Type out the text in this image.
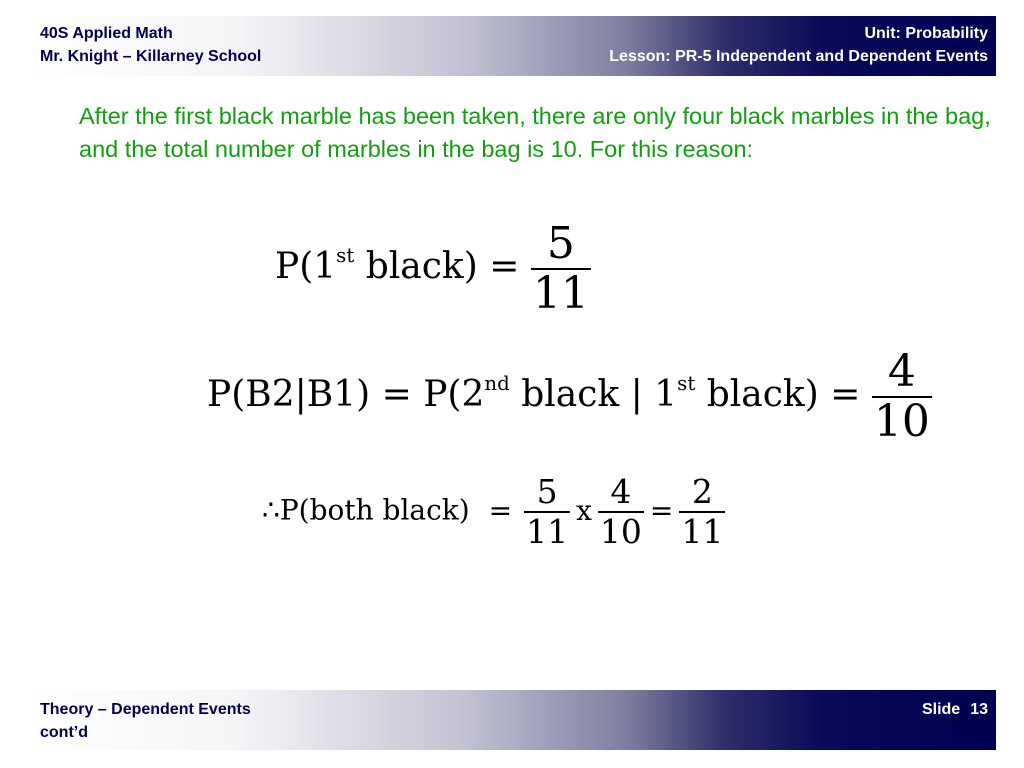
40S Applied Math
Mr. Knight – Killarney School
Unit: Probability
Lesson: PR-5 Independent and Dependent Events

After the first black marble has been taken, there are only four black marbles in the bag, and the total number of marbles in the bag is 10. For this reason:

P(1st black) = $\frac{5}{11}$
P(B2|B1) = P(2nd black | 1st black) = $\frac{4}{10}$
∴P(both black) = $\frac{5}{11}$ x $\frac{4}{10} = \frac{2}{11}$
Theory – Dependent Events
cont’d
Slide 13
